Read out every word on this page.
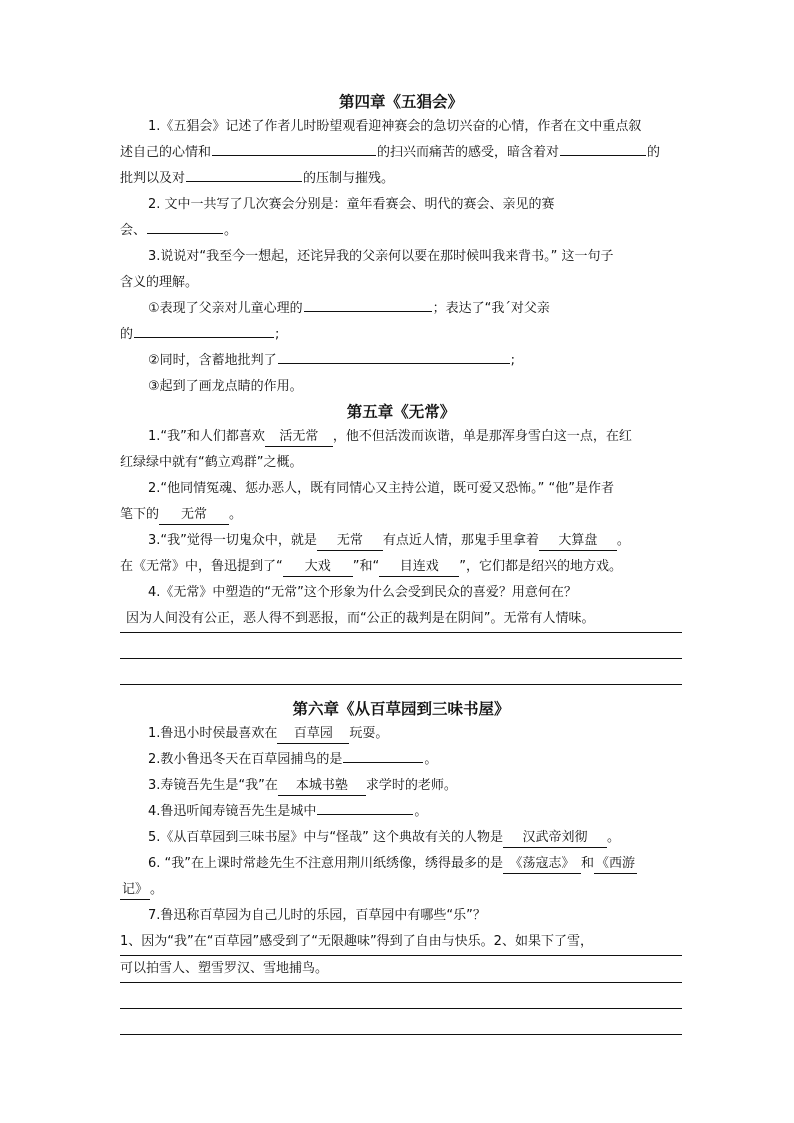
第四章《五猖会》
1.《五猖会》记述了作者儿时盼望观看迎神赛会的急切兴奋的心情，作者在文中重点叙
述自己的心情和	的扫兴而痛苦的感受，暗含着对	的
批判以及对	的压制与摧残。
2. 文中一共写了几次赛会分别是：童年看赛会、明代的赛会、亲见的赛
会、	。
3.说说对“我至今一想起，还诧异我的父亲何以要在那时候叫我来背书。” 这一句子
含义的理解。
①表现了父亲对儿童心理的	；表达了“我ˊ对父亲
的	;
②同时，含蓄地批判了	;
③起到了画龙点睛的作用。
第五章《无常》
1.“我”和人们都喜欢 活无常 ，他不但活泼而诙谐，单是那浑身雪白这一点，在红
红绿绿中就有“鹤立鸡群”之概。
2.“他同情冤魂、惩办恶人，既有同情心又主持公道，既可爱又恐怖。” “他”是作者
笔下的 无常 。
3.“我”觉得一切鬼众中，就是 无常 有点近人情，那鬼手里拿着 大算盘 。
在《无常》中，鲁迅提到了“ 大戏 ”和“ 目连戏 ”，它们都是绍兴的地方戏。
4.《无常》中塑造的“无常”这个形象为什么会受到民众的喜爱？用意何在？
因为人间没有公正，恶人得不到恶报，而“公正的裁判是在阴间”。无常有人情味。
第六章《从百草园到三味书屋》
1.鲁迅小时侯最喜欢在 百草园 玩耍。
2.教小鲁迅冬天在百草园捕鸟的是	。
3.寿镜吾先生是“我”在 本城书塾 求学时的老师。
4.鲁迅听闻寿镜吾先生是城中	。
5.《从百草园到三味书屋》中与“怪哉” 这个典故有关的人物是 汉武帝刘彻 。
6. “我”在上课时常趁先生不注意用荆川纸绣像，绣得最多的是 《荡寇志》 和 《西游
记》 。
7.鲁迅称百草园为自己儿时的乐园，百草园中有哪些“乐”？
1、因为“我”在“百草园”感受到了“无限趣味”得到了自由与快乐。2、如果下了雪，
可以拍雪人、塑雪罗汉、雪地捕鸟。
